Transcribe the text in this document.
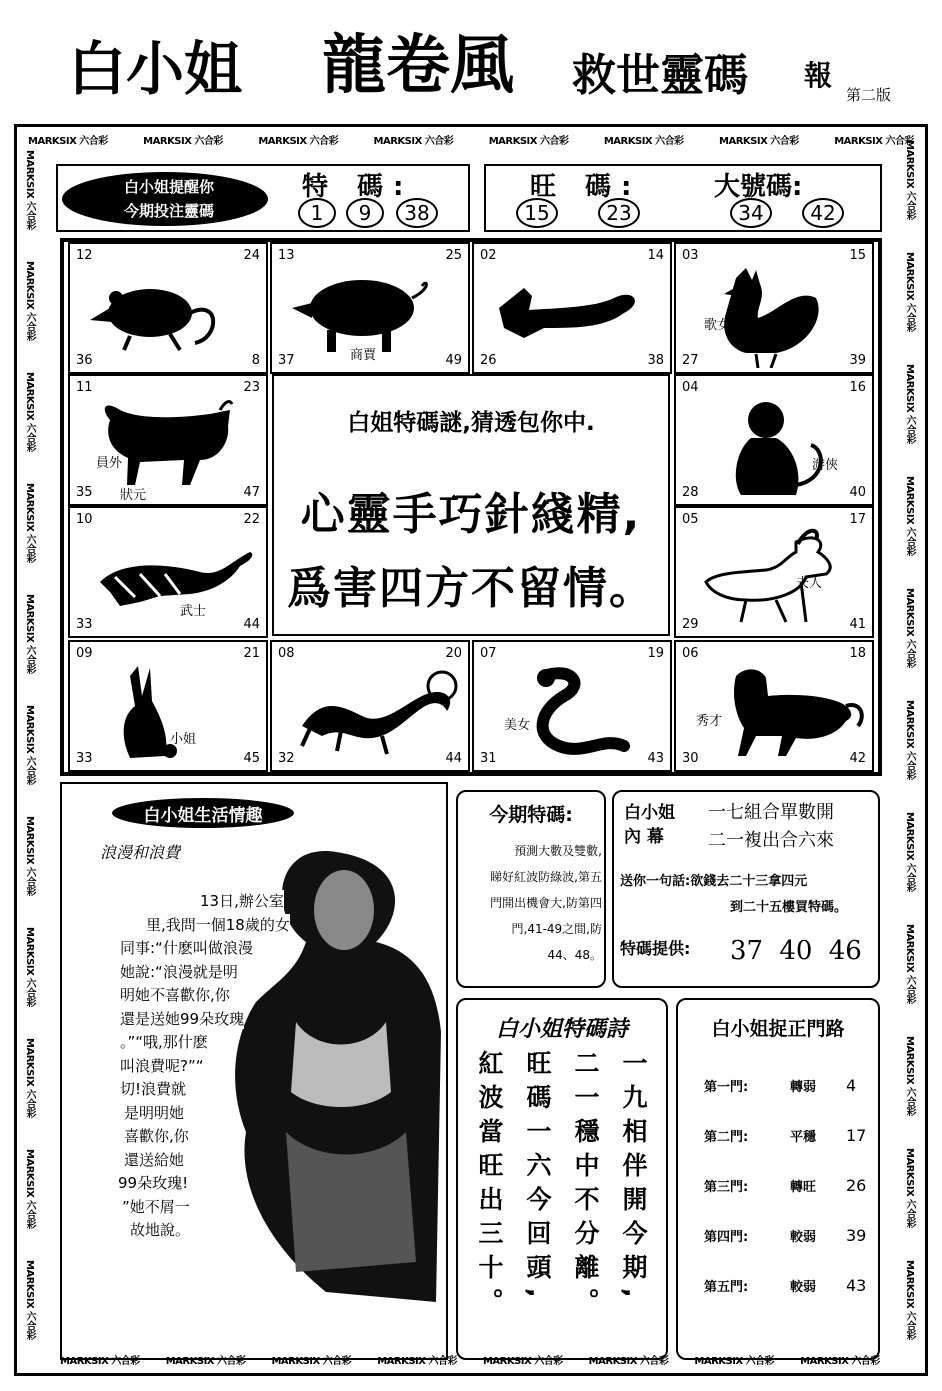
白小姐 龍卷風 救世靈碼 報
第二版
MARKSIX 六合彩	MARKSIX 六合彩	MARKSIX 六合彩	MARKSIX 六合彩	MARKSIX 六合彩	MARKSIX 六合彩	MARKSIX 六合彩	MARKSIX 六合彩
MARKSIX 六合彩	MARKSIX 六合彩	MARKSIX 六合彩	MARKSIX 六合彩	MARKSIX 六合彩	MARKSIX 六合彩	MARKSIX 六合彩	MARKSIX 六合彩
MARKSIX 六合彩
MARKSIX 六合彩
MARKSIX 六合彩
MARKSIX 六合彩
MARKSIX 六合彩
MARKSIX 六合彩
MARKSIX 六合彩
MARKSIX 六合彩
MARKSIX 六合彩
MARKSIX 六合彩
MARKSIX 六合彩
MARKSIX 六合彩
MARKSIX 六合彩
MARKSIX 六合彩
MARKSIX 六合彩
MARKSIX 六合彩
MARKSIX 六合彩
MARKSIX 六合彩
MARKSIX 六合彩
MARKSIX 六合彩
MARKSIX 六合彩
MARKSIX 六合彩
白小姐提醒你
今期投注靈碼
特 碼:
1	9	38
旺 碼:
15	23
大號碼:
34	42
白姐特碼謎,猜透包你中.
心靈手巧針綫精,
爲害四方不留情。
12	24
36	8
13	25
37	49
商賈
02	14
26	38
管家
03	15
27	39
歌女
11	23
35	47
員外
狀元
04	16
28	40
游俠
10	22
33	44
武士
05	17
29	41
夫人
09	21
33	45
小姐
08	20
32	44
07	19
31	43
美女
06	18
30	42
秀才
白小姐生活情趣
浪漫和浪費
13日,辦公室
里,我問一個18歲的女
同事:“什麽叫做浪漫
她說:“浪漫就是明
明她不喜歡你,你
還是送她99朵玫瑰
。”“哦,那什麽
叫浪費呢?”“
切!浪費就
是明明她
喜歡你,你
還送給她
99朵玫瑰!
”她不屑一
故地說。
今期特碼:
預測大數及雙數,
睇好紅波防綠波,第五
門開出機會大,防第四
門,41-49之間,防
44、48。
白小姐
內 幕
一七組合單數開
二一複出合六來
送你一句話:欲錢去二十三拿四元
到二十五樓買特碼。
特碼提供: 37 40 46
白小姐特碼詩
紅波當旺出三十。 旺碼一六今回頭, 二一穩中不分離。 一九相伴開今期,
白小姐捉正門路
第一門:	轉弱 4
第二門:	平穩 17
第三門:	轉旺 26
第四門:	較弱 39
第五門:	較弱 43
